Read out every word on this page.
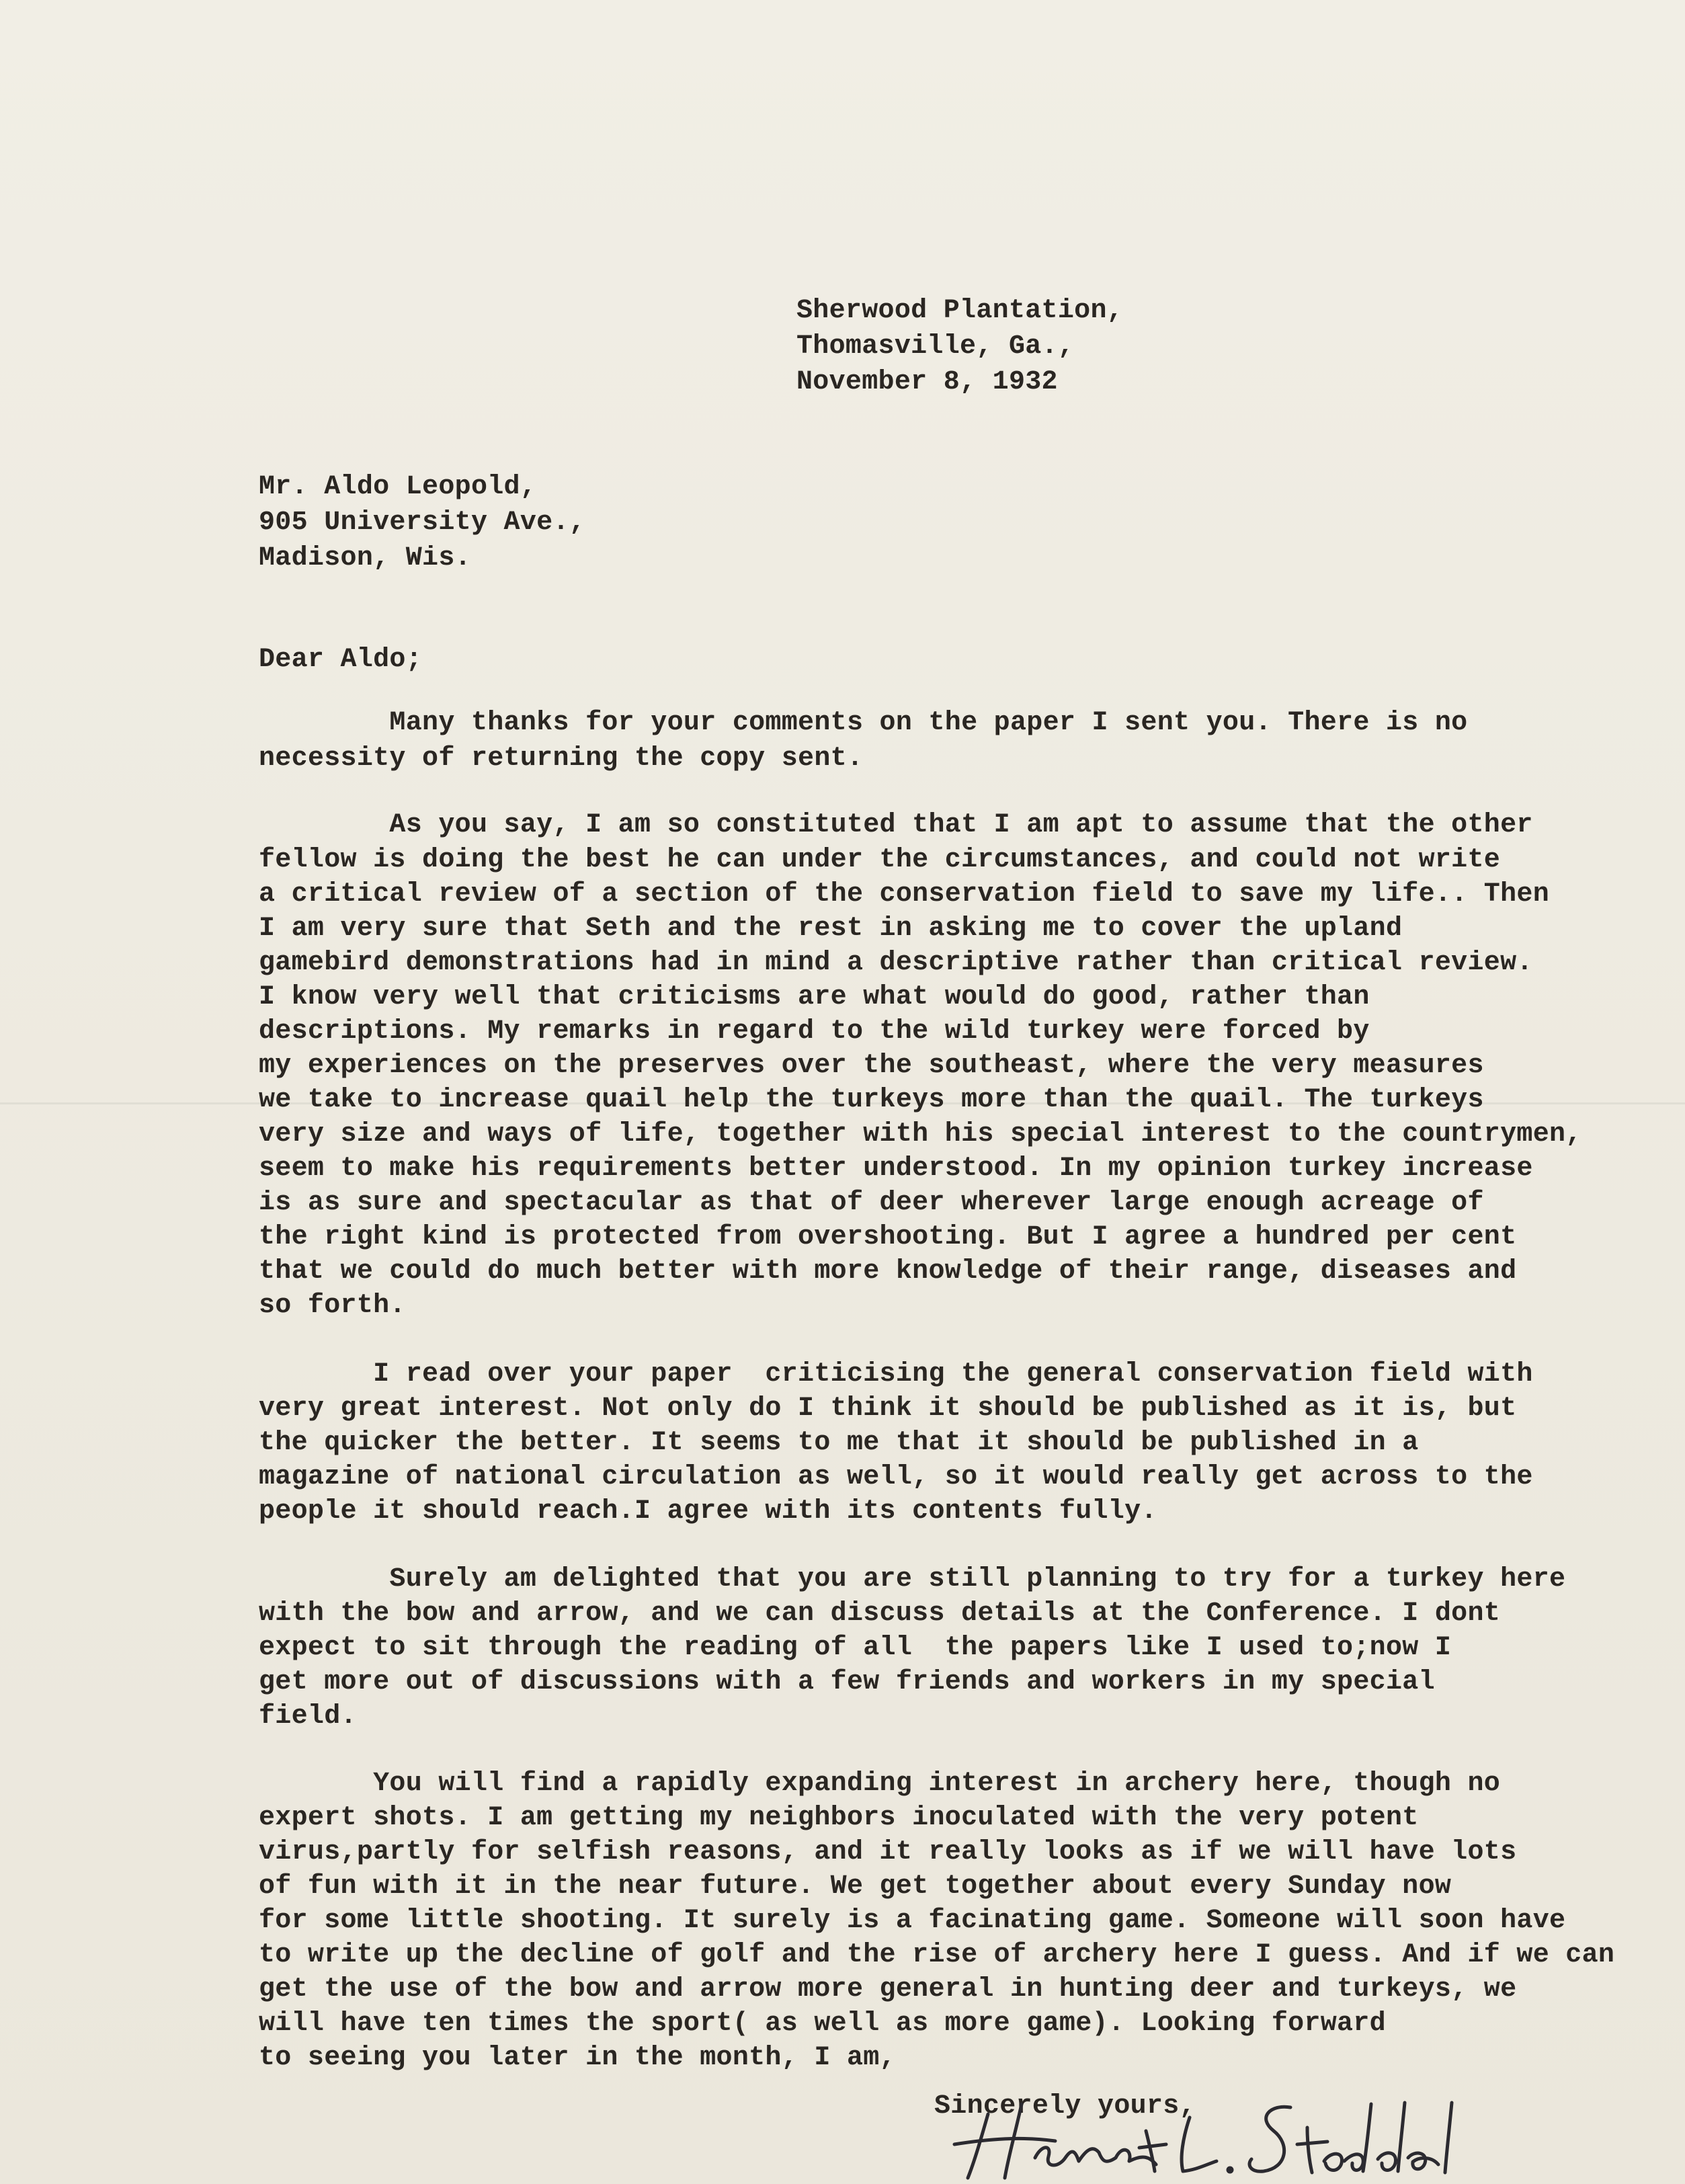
Sherwood Plantation,
Thomasville, Ga.,
November 8, 1932
Mr. Aldo Leopold,
905 University Ave.,
Madison, Wis.
Dear Aldo;
Many thanks for your comments on the paper I sent you. There is no
necessity of returning the copy sent.
As you say, I am so constituted that I am apt to assume that the other
fellow is doing the best he can under the circumstances, and could not write
a critical review of a section of the conservation field to save my life.. Then
I am very sure that Seth and the rest in asking me to cover the upland
gamebird demonstrations had in mind a descriptive rather than critical review.
I know very well that criticisms are what would do good, rather than
descriptions. My remarks in regard to the wild turkey were forced by
my experiences on the preserves over the southeast, where the very measures
we take to increase quail help the turkeys more than the quail. The turkeys
very size and ways of life, together with his special interest to the countrymen,
seem to make his requirements better understood. In my opinion turkey increase
is as sure and spectacular as that of deer wherever large enough acreage of
the right kind is protected from overshooting. But I agree a hundred per cent
that we could do much better with more knowledge of their range, diseases and
so forth.
I read over your paper  criticising the general conservation field with
very great interest. Not only do I think it should be published as it is, but
the quicker the better. It seems to me that it should be published in a
magazine of national circulation as well, so it would really get across to the
people it should reach.I agree with its contents fully.
Surely am delighted that you are still planning to try for a turkey here
with the bow and arrow, and we can discuss details at the Conference. I dont
expect to sit through the reading of all  the papers like I used to;now I
get more out of discussions with a few friends and workers in my special
field.
You will find a rapidly expanding interest in archery here, though no
expert shots. I am getting my neighbors inoculated with the very potent
virus,partly for selfish reasons, and it really looks as if we will have lots
of fun with it in the near future. We get together about every Sunday now
for some little shooting. It surely is a facinating game. Someone will soon have
to write up the decline of golf and the rise of archery here I guess. And if we can
get the use of the bow and arrow more general in hunting deer and turkeys, we
will have ten times the sport( as well as more game). Looking forward
to seeing you later in the month, I am,
Sincerely yours,
